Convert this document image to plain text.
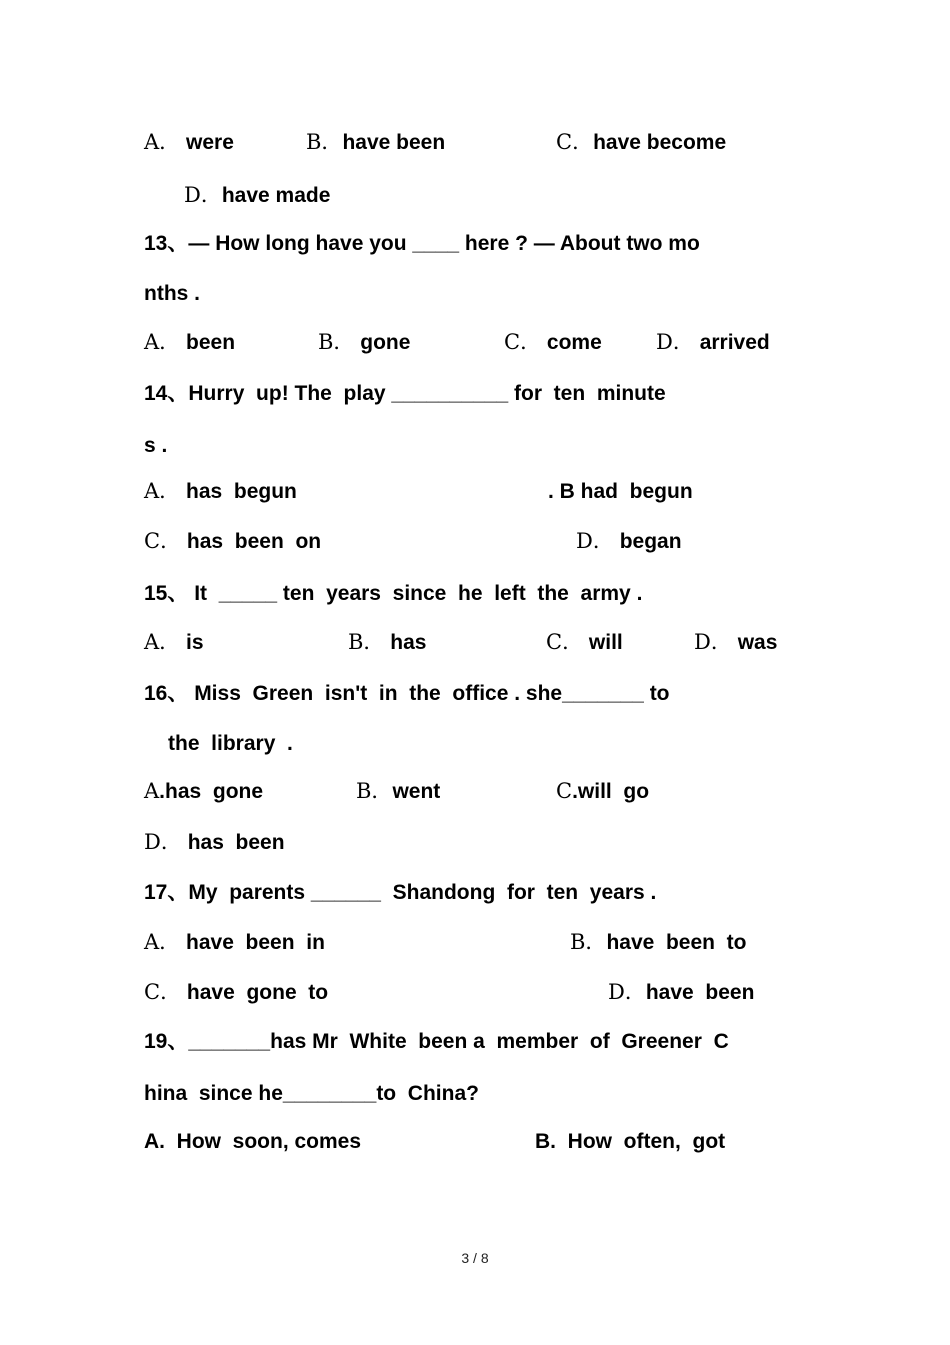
A． were

	B．have been

	C．have become

D．have made

13、— How long have you ____ here ? — About two mo

nths .

A． been

	B． gone

	C． come

	D． arrived

14、Hurry  up! The  play __________ for  ten  minute

s .

A． has  begun

	. B had  begun

C． has  been  on

	D． began

15、 It  _____ ten  years  since  he  left  the  army .

A． is

	B． has

	C． will

	D． was

16、 Miss  Green  isn't  in  the  office . she_______ to

the  library  .

A.has  gone

	B．went

	C.will  go

D． has  been

17、My  parents ______  Shandong  for  ten  years .

A． have  been  in

	B．have  been  to

C． have  gone  to

	D．have  been

19、_______has Mr  White  been a  member  of  Greener  C

hina  since he________to  China?

A. How  soon, comes

	B. How  often,  got

3 / 8
